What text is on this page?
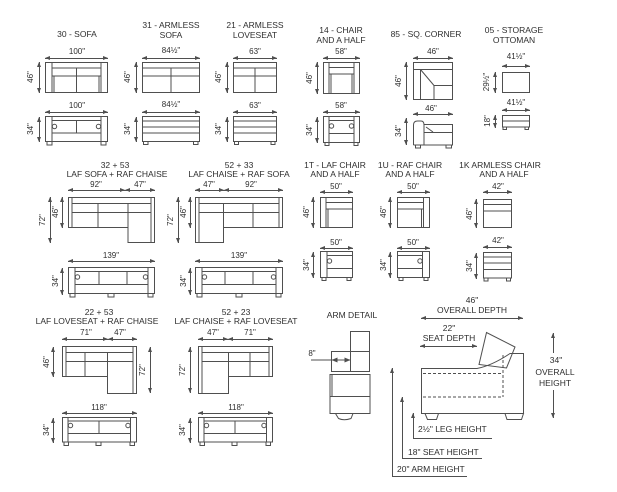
30 - SOFA
100"
46"
100"
34"
31 - ARMLESS
SOFA
84½"
46"
84½"
34"
21 - ARMLESS
LOVESEAT
63"
46"
63"
34"
14 - CHAIR
AND A HALF
58"
46"
58"
34"
85 - SQ. CORNER
46"
46"
46"
34"
05 - STORAGE
OTTOMAN
41½"
29½"
41½"
18"
32 + 53
LAF SOFA + RAF CHAISE
92"	47"
72"
46"
139"
34"
52 + 33
LAF CHAISE + RAF SOFA
47"	92"
72"
46"
139"
34"
1T - LAF CHAIR
AND A HALF
50"
46"
50"
34"
1U - RAF CHAIR
AND A HALF
50"
46"
50"
34"
1K ARMLESS CHAIR
AND A HALF
42"
46"
42"
34"
22 + 53
LAF LOVESEAT + RAF CHAISE
71"	47"
46"
72"
118"
34"
52 + 23
LAF CHAISE + RAF LOVESEAT
47"	71"
72"
118"
34"
ARM DETAIL
8"
46"
OVERALL DEPTH
22"
SEAT DEPTH
34"
OVERALL
HEIGHT
2½" LEG HEIGHT
18" SEAT HEIGHT
20" ARM HEIGHT
